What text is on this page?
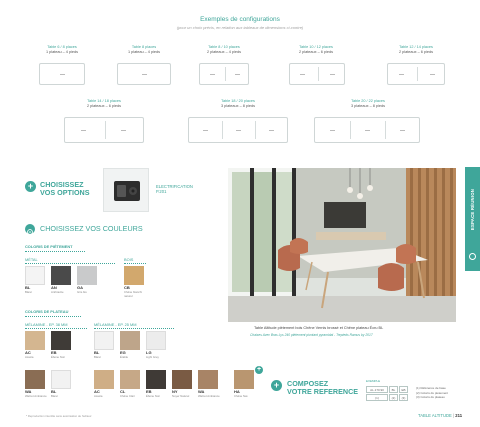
Exemples de configurations
(pour un choix précis, en relation aux tableaux de dimensions ci-contre)
Table 6 / 8 places
1 plateau – 4 pieds
Table 8 places
1 plateau – 4 pieds
Table 8 / 10 places
2 plateaux – 4 pieds
Table 10 / 12 places
2 plateaux – 6 pieds
Table 12 / 14 places
2 plateaux – 6 pieds
Table 14 / 18 places
2 plateaux – 6 pieds
Table 18 / 20 places
3 plateaux – 8 pieds
Table 20 / 22 places
3 plateaux – 8 pieds
+ CHOISISSEZ
VOS OPTIONS
ELECTRIFICATION
P.201
CHOISISSEZ VOS COULEURS
COLORIS DE PIÉTEMENT
MÉTAL	BOIS
BL
Blanc
AN
Anthracite
GA
Gris Alu
CB
Chêne blanchi naturel
COLORIS DE PLATEAU
MÉLAMINE - EP. 38 MM	MÉLAMINE - EP. 25 MM
AC
Acacia
EB
Ébène Noir
BL
Blanc
EG
Érable
LG
Light Grey
WA
Walnut Ambiance
BL
Blanc
AC
Acacia
CL
Chêne Clair
EB
Ébène Noir
NY
Noyer Naturel
WA
Walnut Ambiance
HA
Chêne Nat.
+
ESPACE RÉUNION
Table Altitude piètement bois Chêne Vernis brossé et Chêne plateau Écru BL
Chaises Avec Bras Lys 240 piètement pivotant pyramidal - Trepieds Ramus by 2017
+	COMPOSEZ
VOTRE REFERENCE
EXEMPLE
AL.170.90	BL	EB
(1)	(2)	(3)
(1) Référence de base
(2) Coloris du piétement
(3) Coloris du plateau
* Reproduction interdite sans autorisation de l'éditeur	TABLE ALTITUDE | 211
